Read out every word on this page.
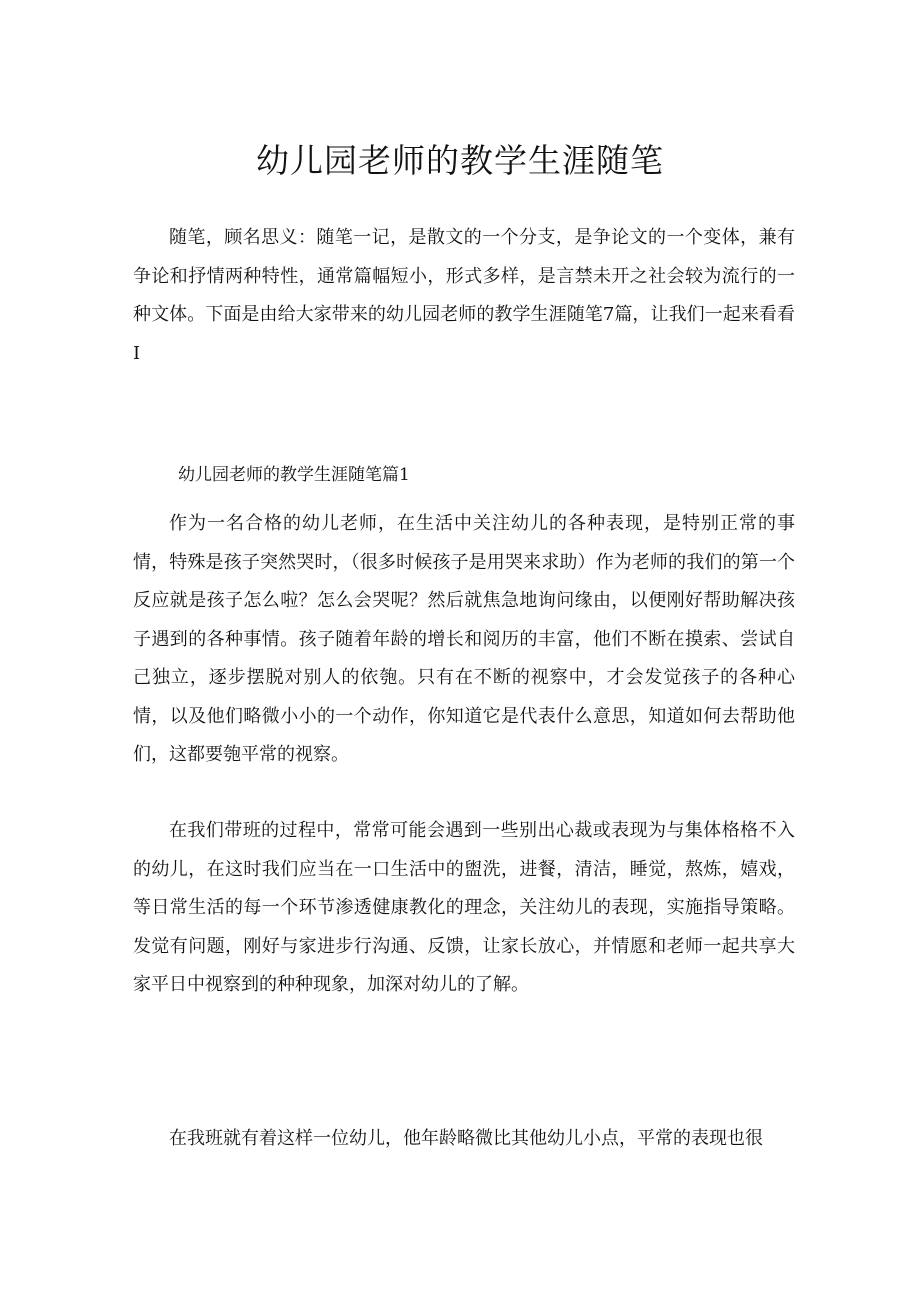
幼儿园老师的教学生涯随笔

随笔，顾名思义：随笔一记，是散文的一个分支，是争论文的一个变体，兼有争论和抒情两种特性，通常篇幅短小，形式多样，是言禁未开之社会较为流行的一种文体。下面是由给大家带来的幼儿园老师的教学生涯随笔7篇，让我们一起来看看I

幼儿园老师的教学生涯随笔篇1

作为一名合格的幼儿老师，在生活中关注幼儿的各种表现，是特别正常的事情，特殊是孩子突然哭时，（很多时候孩子是用哭来求助）作为老师的我们的第一个反应就是孩子怎么啦？怎么会哭呢？然后就焦急地询问缘由，以便刚好帮助解决孩子遇到的各种事情。孩子随着年龄的增长和阅历的丰富，他们不断在摸索、尝试自己独立，逐步摆脱对别人的依匏。只有在不断的视察中，才会发觉孩子的各种心情，以及他们略微小小的一个动作，你知道它是代表什么意思，知道如何去帮助他们，这都要匏平常的视察。

在我们带班的过程中，常常可能会遇到一些别出心裁或表现为与集体格格不入的幼儿，在这时我们应当在一口生活中的盥洗，进餐，清洁，睡觉，熬炼，嬉戏，等日常生活的每一个环节渗透健康教化的理念，关注幼儿的表现，实施指导策略。发觉有问题，刚好与家进步行沟通、反馈，让家长放心，并情愿和老师一起共享大家平日中视察到的种种现象，加深对幼儿的了解。

在我班就有着这样一位幼儿，他年龄略微比其他幼儿小点，平常的表现也很
